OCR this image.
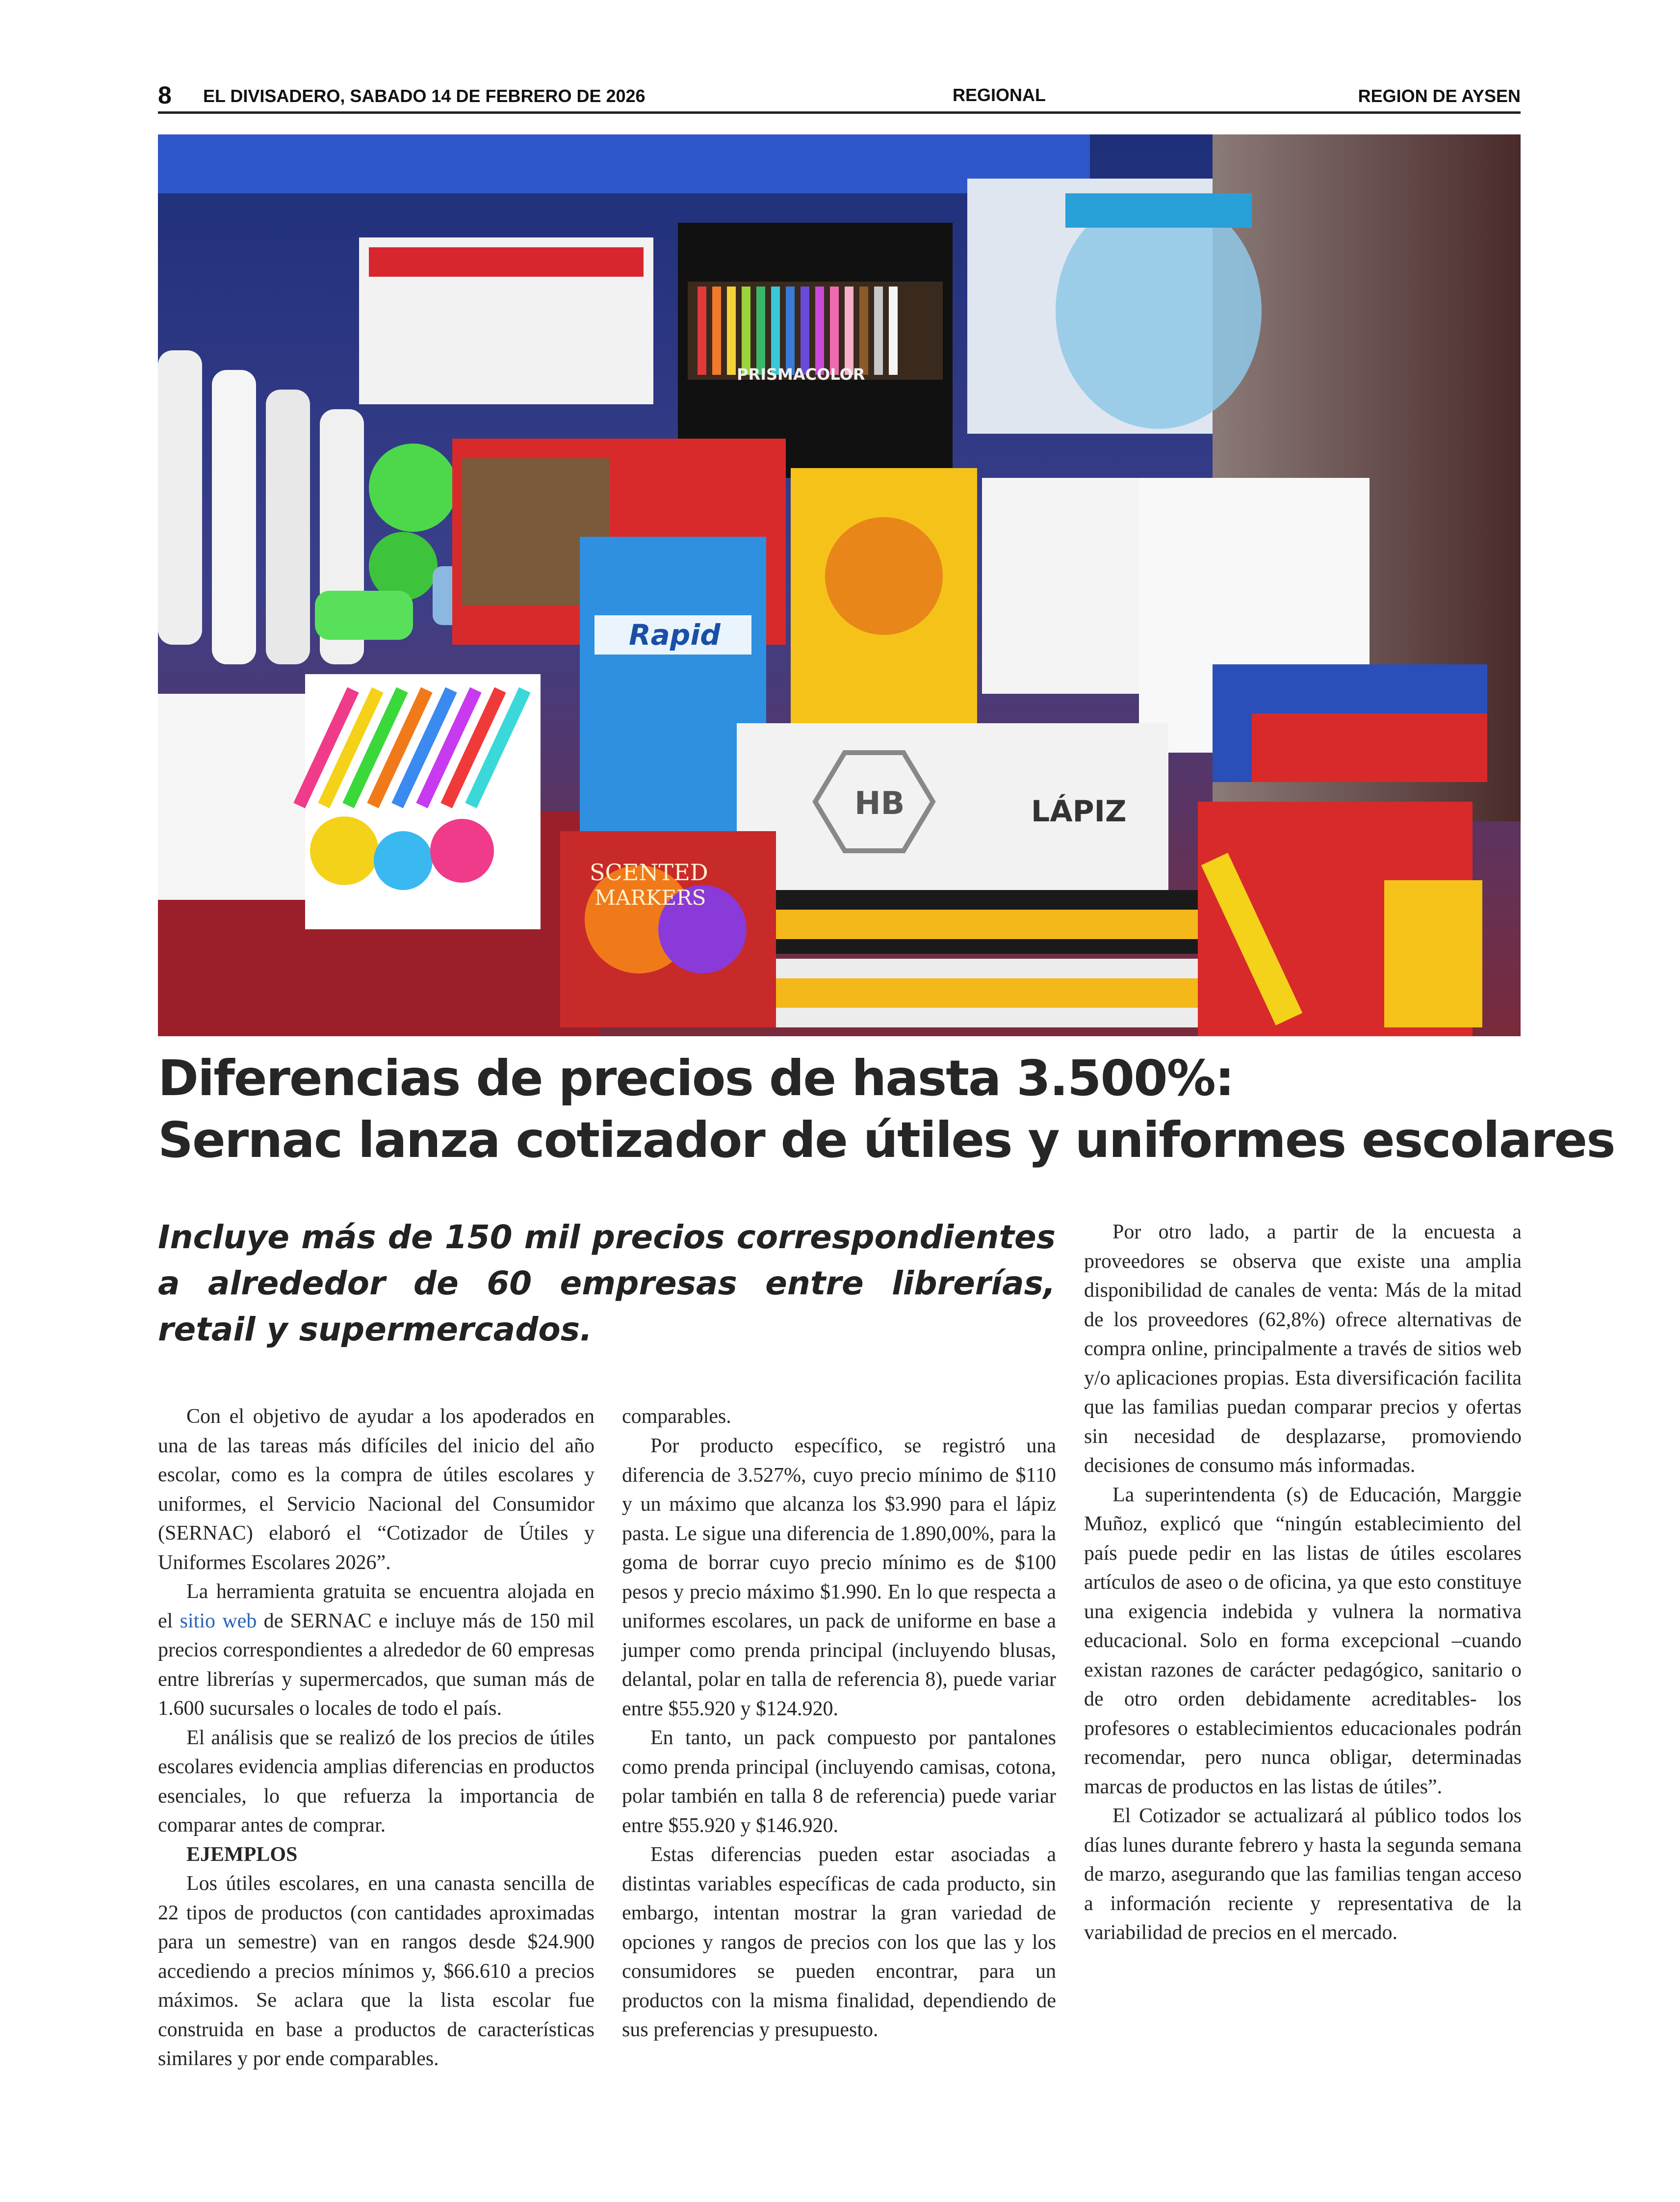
8 EL DIVISADERO, SABADO 14 DE FEBRERO DE 2026	REGIONAL	REGION DE AYSEN
PRISMACOLOR
Rapid
HB	LÁPIZ
SCENTED
MARKERS
Diferencias de precios de hasta 3.500%:
Sernac lanza cotizador de útiles y uniformes escolares

Incluye más de 150 mil precios correspondientes a alrededor de 60 empresas entre librerías, retail y supermercados.

Con el objetivo de ayudar a los apoderados en una de las tareas más difíciles del inicio del año escolar, como es la compra de útiles escolares y uniformes, el Servicio Nacional del Consumidor (SERNAC) elaboró el “Cotizador de Útiles y Uniformes Escolares 2026”.

La herramienta gratuita se encuentra alojada en el sitio web de SERNAC e incluye más de 150 mil precios correspondientes a alrededor de 60 empresas entre librerías y supermercados, que suman más de 1.600 sucursales o locales de todo el país.

El análisis que se realizó de los precios de útiles escolares evidencia amplias diferencias en productos esenciales, lo que refuerza la importancia de comparar antes de comprar.

EJEMPLOS

Los útiles escolares, en una canasta sencilla de 22 tipos de productos (con cantidades aproximadas para un semestre) van en rangos desde $24.900 accediendo a precios mínimos y, $66.610 a precios máximos. Se aclara que la lista escolar fue construida en base a productos de características similares y por ende comparables.

Por producto específico, se registró una diferencia de 3.527%, cuyo precio mínimo de $110 y un máximo que alcanza los $3.990 para el lápiz pasta. Le sigue una diferencia de 1.890,00%, para la goma de borrar cuyo precio mínimo es de $100 pesos y precio máximo $1.990. En lo que respecta a uniformes escolares, un pack de uniforme en base a jumper como prenda principal (incluyendo blusas, delantal, polar en talla de referencia 8), puede variar entre $55.920 y $124.920.

En tanto, un pack compuesto por pantalones como prenda principal (incluyendo camisas, cotona, polar también en talla 8 de referencia) puede variar entre $55.920 y $146.920.

Estas diferencias pueden estar asociadas a distintas variables específicas de cada producto, sin embargo, intentan mostrar la gran variedad de opciones y rangos de precios con los que las y los consumidores se pueden encontrar, para un productos con la misma finalidad, dependiendo de sus preferencias y presupuesto.

Por otro lado, a partir de la encuesta a proveedores se observa que existe una amplia disponibilidad de canales de venta: Más de la mitad de los proveedores (62,8%) ofrece alternativas de compra online, principalmente a través de sitios web y/o aplicaciones propias. Esta diversificación facilita que las familias puedan comparar precios y ofertas sin necesidad de desplazarse, promoviendo decisiones de consumo más informadas.

La superintendenta (s) de Educación, Marggie Muñoz, explicó que “ningún establecimiento del país puede pedir en las listas de útiles escolares artículos de aseo o de oficina, ya que esto constituye una exigencia indebida y vulnera la normativa educacional. Solo en forma excepcional –cuando existan razones de carácter pedagógico, sanitario o de otro orden debidamente acreditables- los profesores o establecimientos educacionales podrán recomendar, pero nunca obligar, determinadas marcas de productos en las listas de útiles”.

El Cotizador se actualizará al público todos los días lunes durante febrero y hasta la segunda semana de marzo, asegurando que las familias tengan acceso a información reciente y representativa de la variabilidad de precios en el mercado.

comparables.
